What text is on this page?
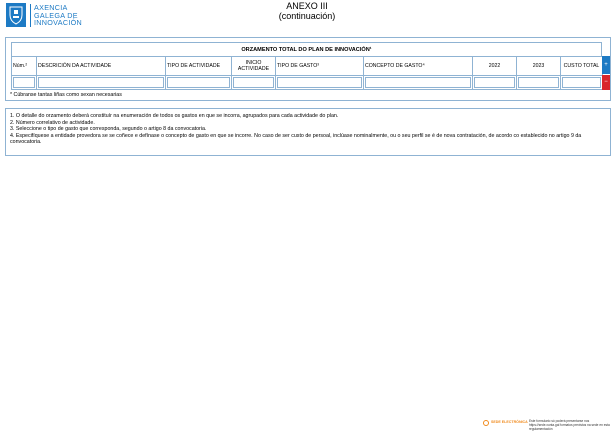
AXENCIA
GALEGA DE
INNOVACIÓN
ANEXO III
(continuación)
ORZAMENTO TOTAL DO PLAN DE INNOVACIÓN¹
Núm.²	DESCRICIÓN DA ACTIVIDADE	TIPO DE ACTIVIDADE	INICIO ACTIVIDADE	TIPO DE GASTO³	CONCEPTO DE GASTO⁴	2022	2023	CUSTO TOTAL

	+
−
* Cúbranse tantas liñas como sexan necesarias
1. O detalle do orzamento deberá constituír na enumeración de todos os gastos en que se incorra, agrupados para cada actividade do plan.
2. Número correlativo de actividade.
3. Seleccione o tipo de gasto que corresponda, segundo o artigo 8 da convocatoria.
4. Especifíquese a entidade provedora se se coñece e defínase o concepto de gasto en que se incorre. No caso de ser custo de persoal, inclúase nominalmente, ou o seu perfil se é de nova contratación, de acordo co establecido no artigo 9 da convocatoria.
SEDE ELECTRÓNICA Este formulario só poderá presentarse nos https://sede.xunta.gal formatos previstos na sede en esta regulamentación
